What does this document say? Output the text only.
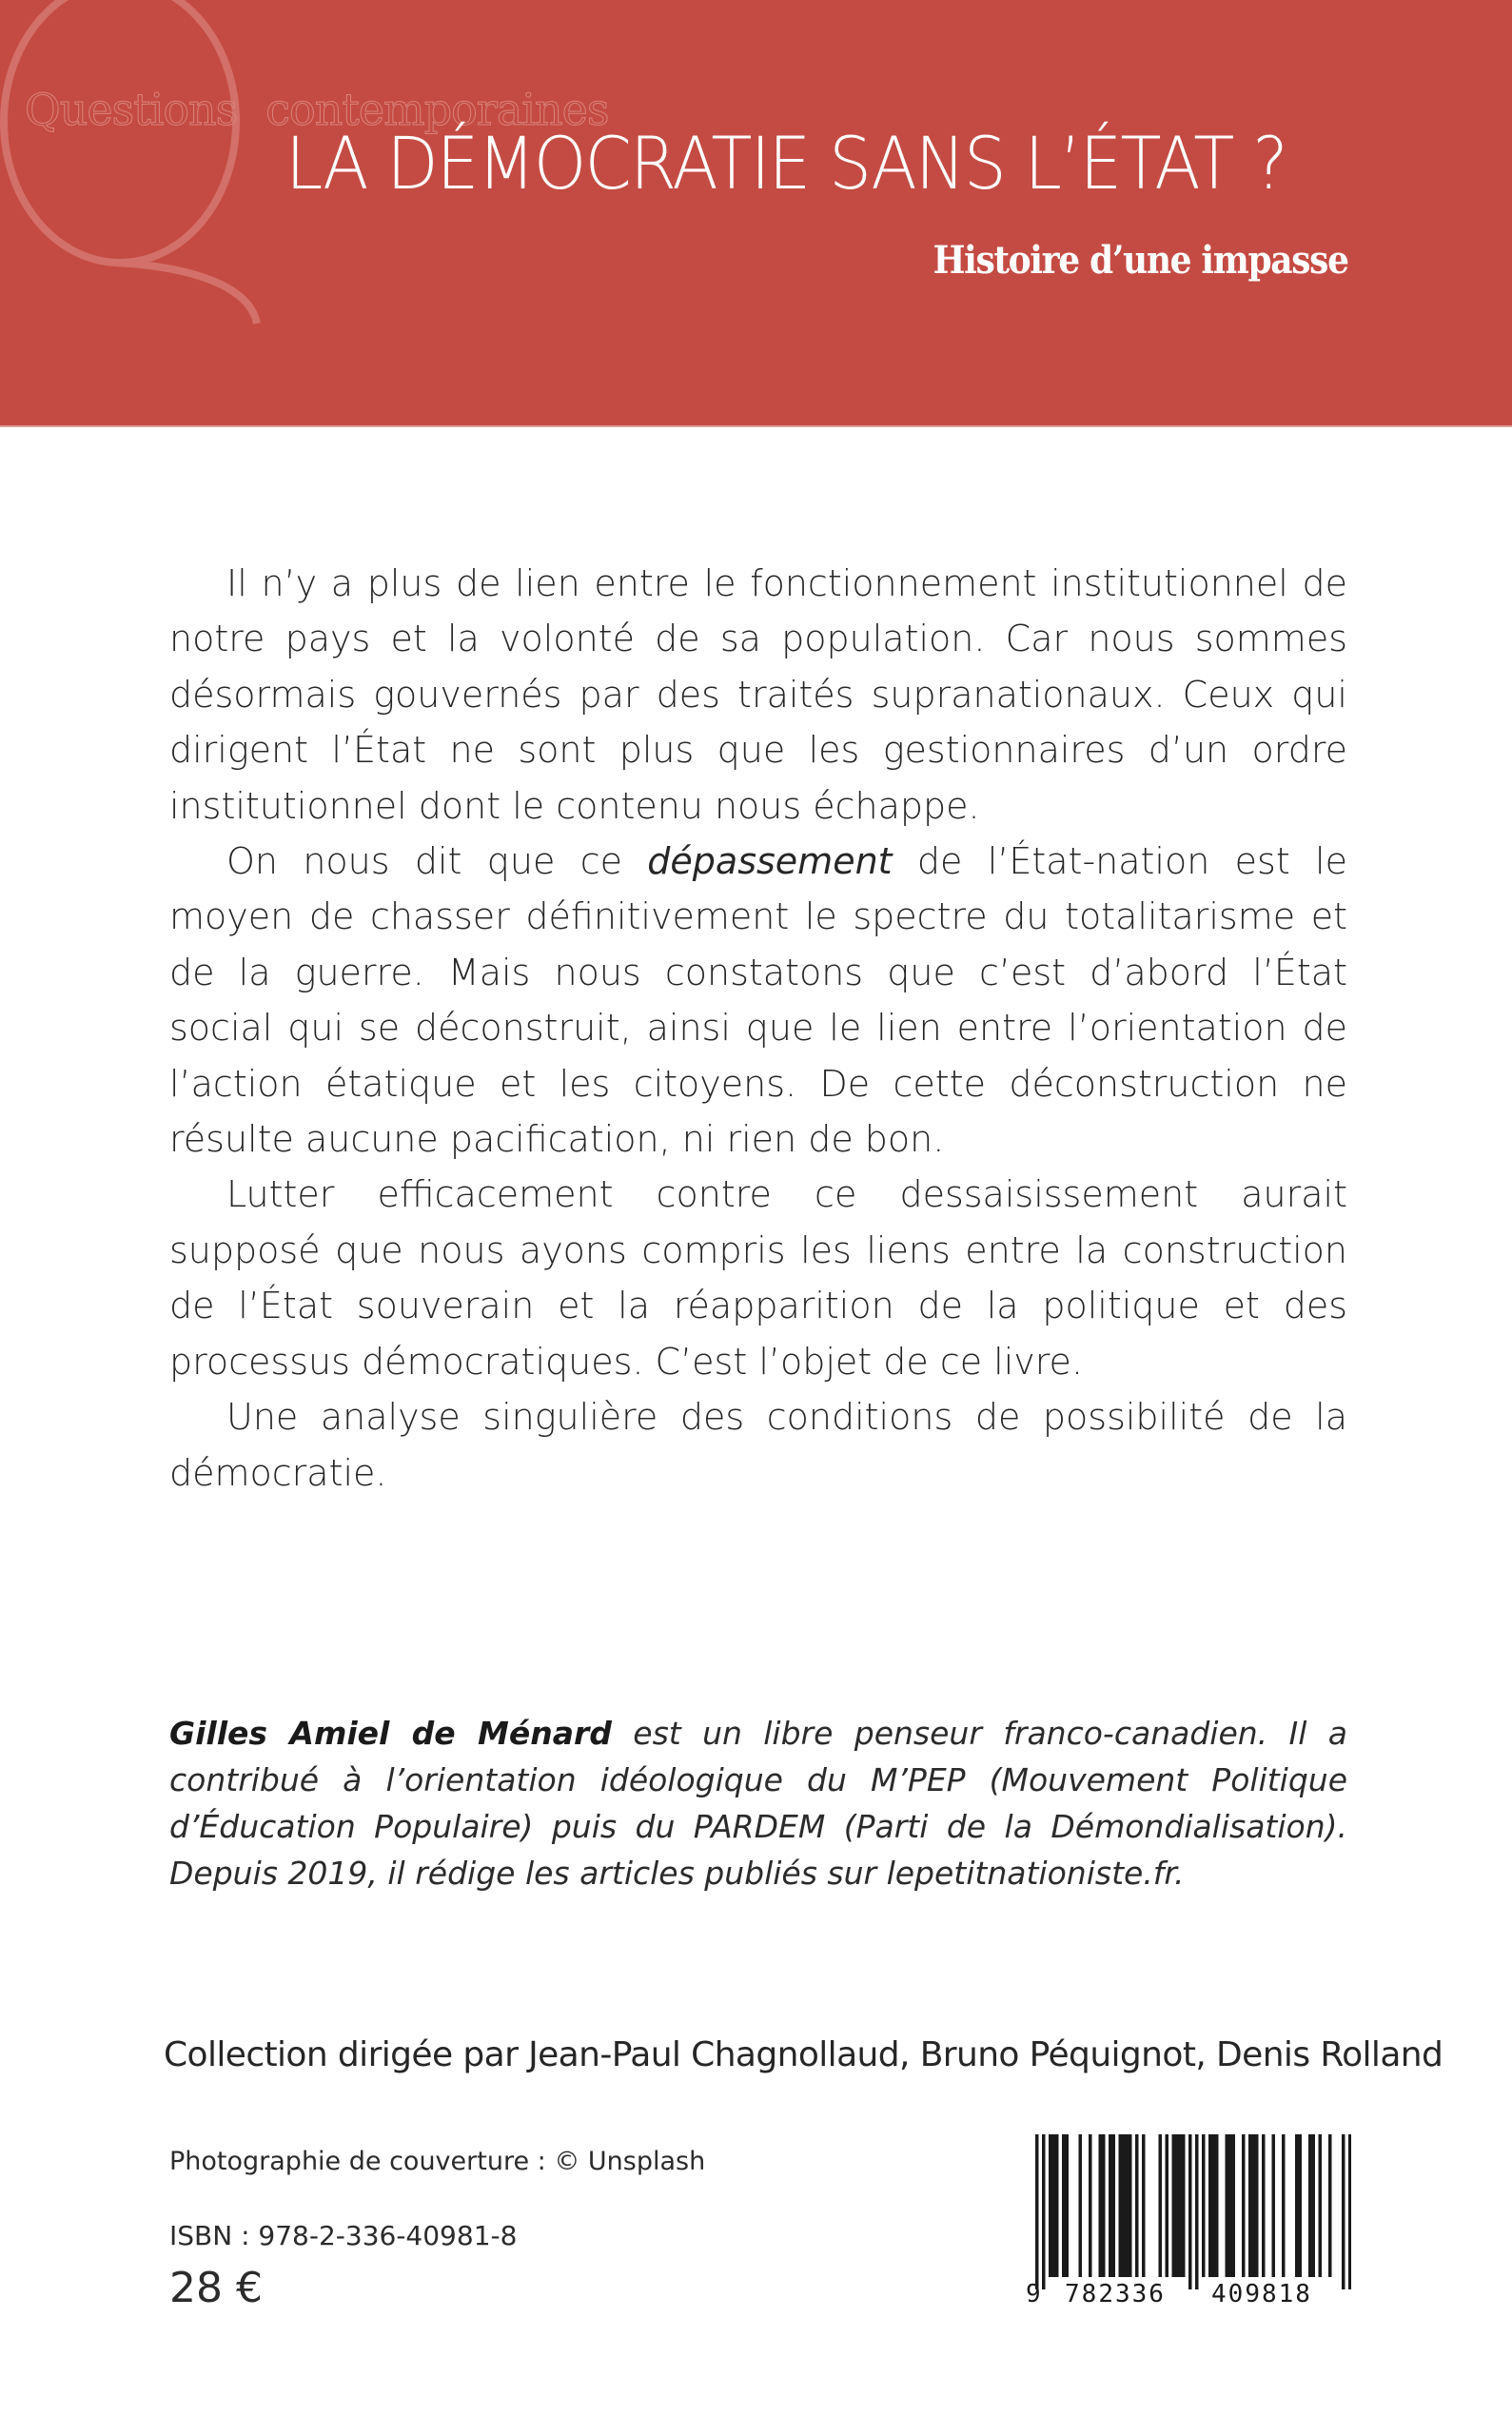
Questions contemporaines
LA DÉMOCRATIE SANS L’ÉTAT ?
Histoire d’une impasse

Il n’y a plus de lien entre le fonctionnement institutionnel de notre pays et la volonté de sa population. Car nous sommes désormais gouvernés par des traités supranationaux. Ceux qui dirigent l’État ne sont plus que les gestionnaires d’un ordre institutionnel dont le contenu nous échappe.

On nous dit que ce dépassement de l’État-nation est le moyen de chasser définitivement le spectre du totalitarisme et de la guerre. Mais nous constatons que c’est d’abord l’État social qui se déconstruit, ainsi que le lien entre l’orientation de l’action étatique et les citoyens. De cette déconstruction ne résulte aucune pacification, ni rien de bon.

Lutter efficacement contre ce dessaisissement aurait supposé que nous ayons compris les liens entre la construction de l’État souverain et la réapparition de la politique et des processus démocratiques. C’est l’objet de ce livre.

Une analyse singulière des conditions de possibilité de la démocratie.

Gilles Amiel de Ménard est un libre penseur franco-canadien. Il a contribué à l’orientation idéologique du M’PEP (Mouvement Politique d’Éducation Populaire) puis du PARDEM (Parti de la Démondialisation). Depuis 2019, il rédige les articles publiés sur lepetitnationiste.fr.

Collection dirigée par Jean-Paul Chagnollaud, Bruno Péquignot, Denis Rolland
Photographie de couverture : © Unsplash
ISBN : 978-2-336-40981-8
28 €	9 782336 409818
